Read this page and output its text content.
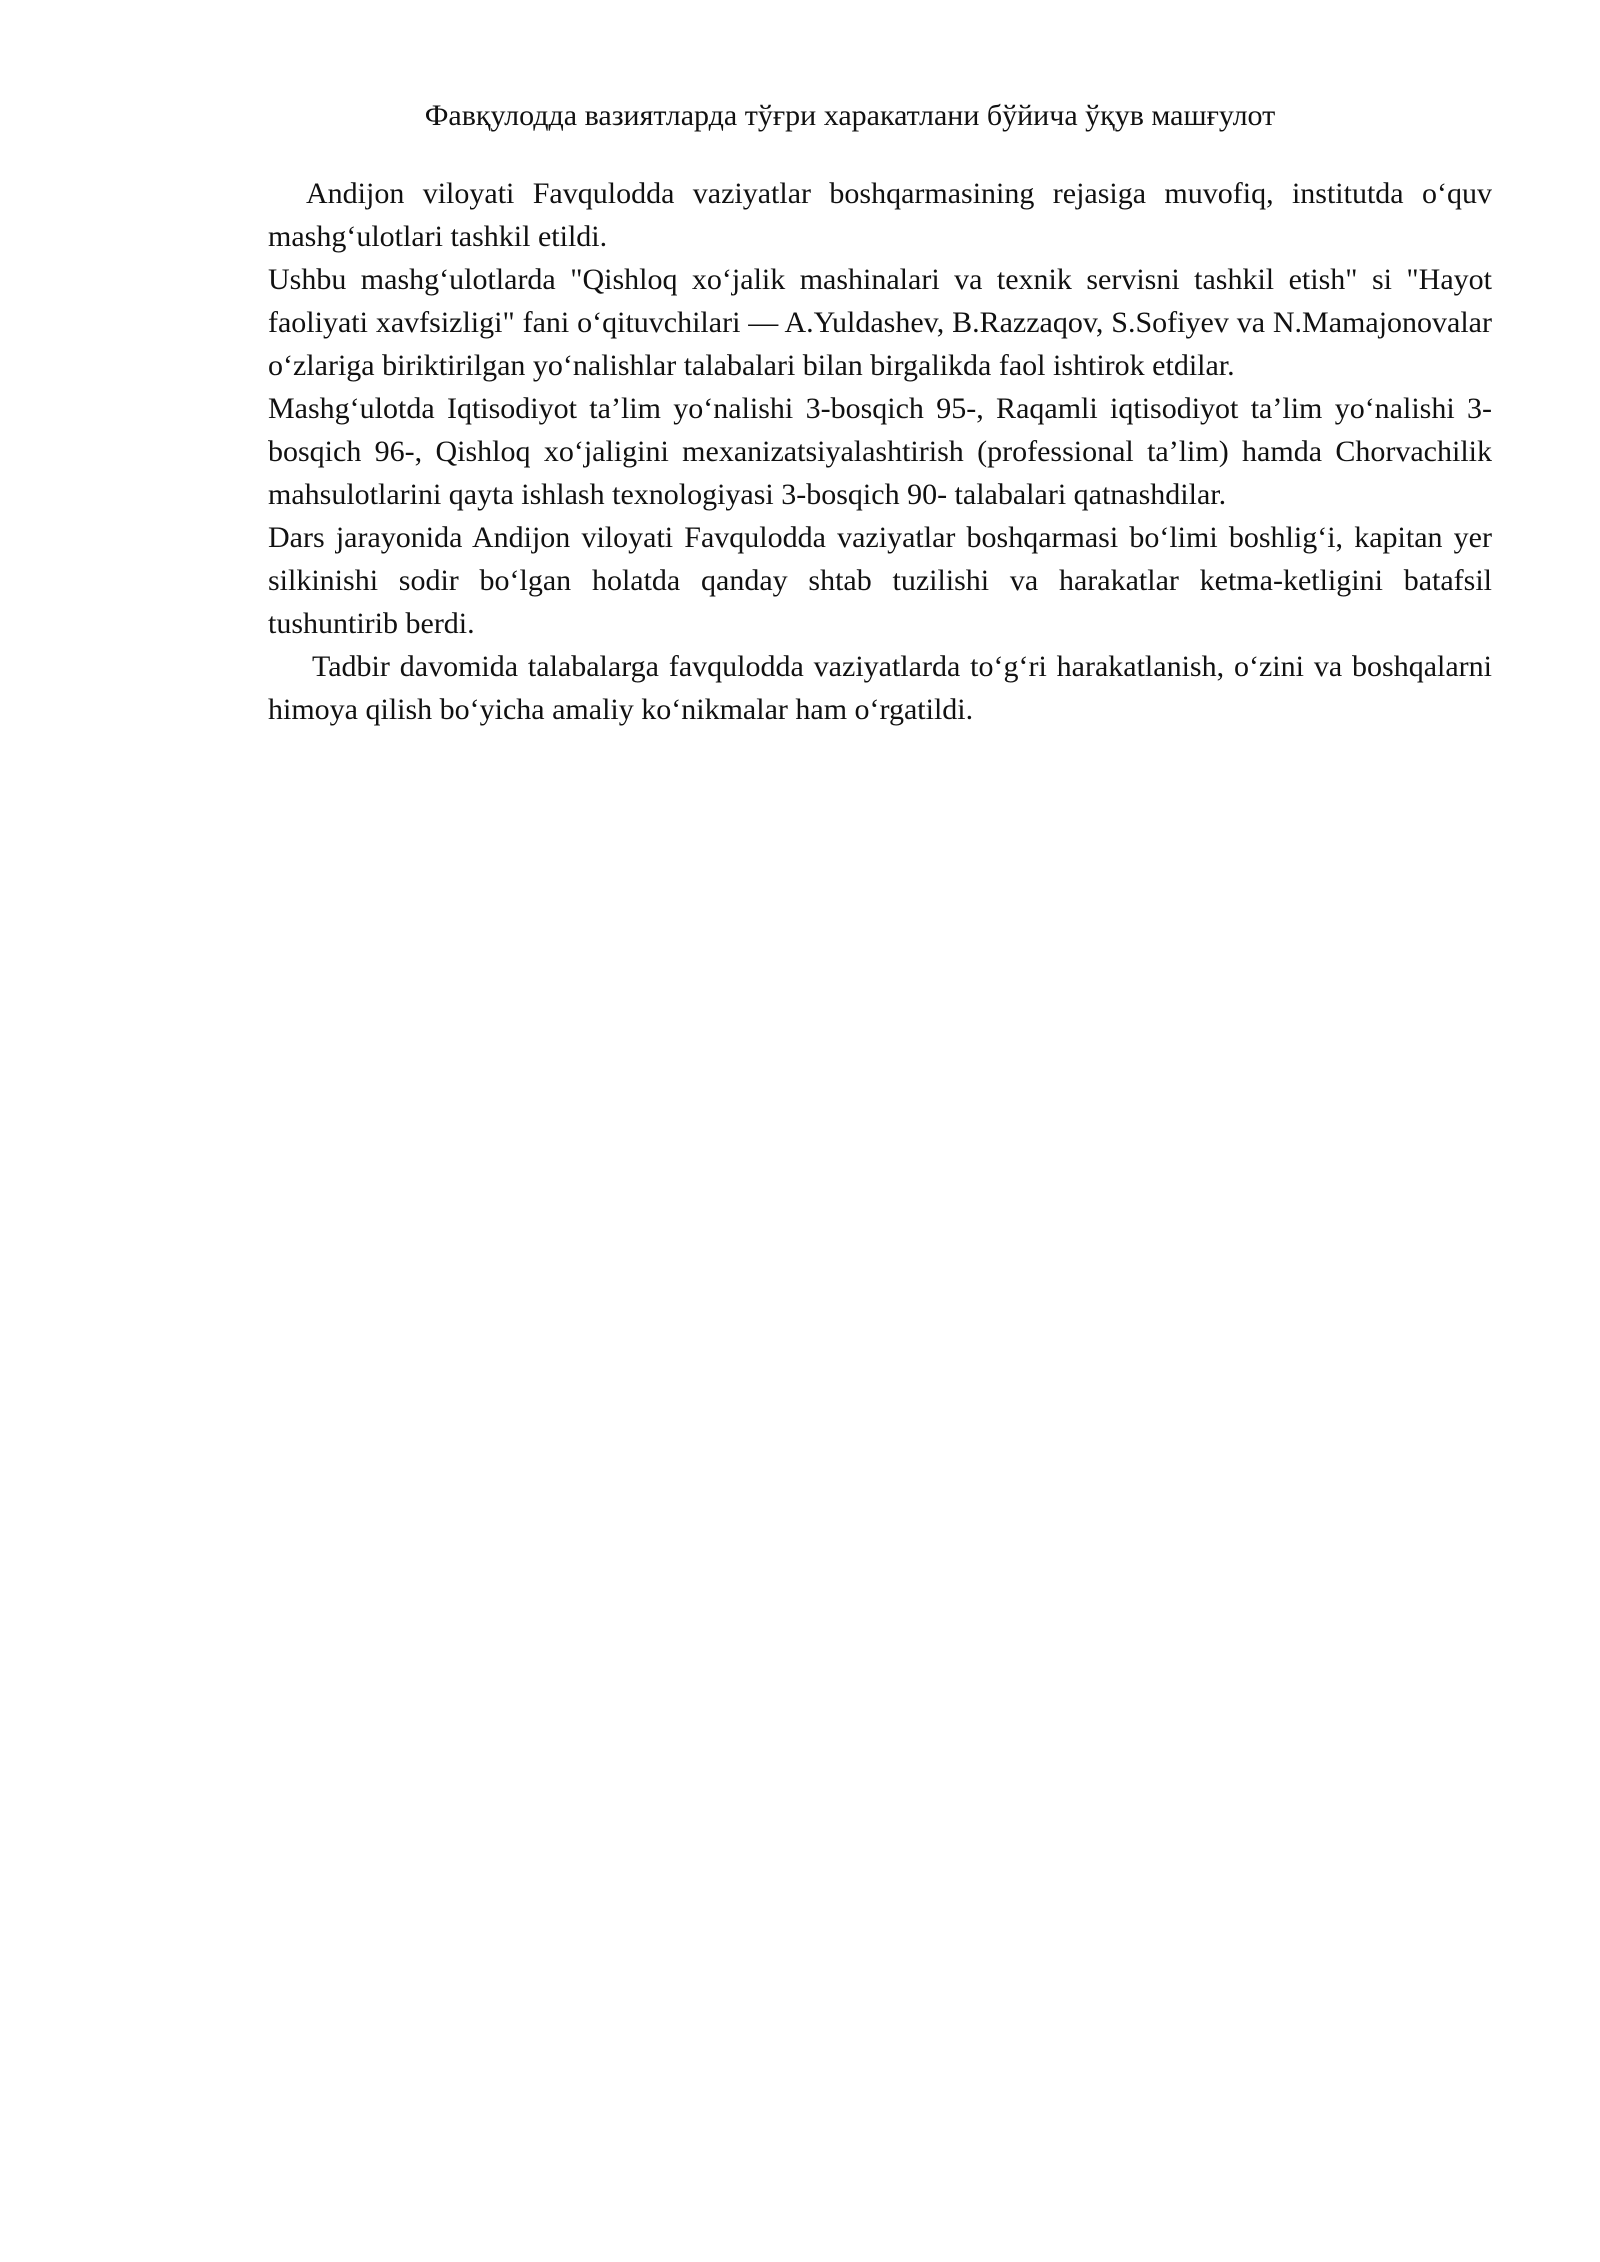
Фавқулодда вазиятларда тўғри харакатлани бўйича ўқув машғулот

Andijon viloyati Favqulodda vaziyatlar boshqarmasining rejasiga muvofiq, institutda o‘quv mashg‘ulotlari tashkil etildi.

Ushbu mashg‘ulotlarda "Qishloq xo‘jalik mashinalari va texnik servisni tashkil etish" si "Hayot faoliyati xavfsizligi" fani o‘qituvchilari — A.Yuldashev, B.Razzaqov, S.Sofiyev va N.Mamajonovalar o‘zlariga biriktirilgan yo‘nalishlar talabalari bilan birgalikda faol ishtirok etdilar.

Mashg‘ulotda Iqtisodiyot ta’lim yo‘nalishi 3-bosqich 95-, Raqamli iqtisodiyot ta’lim yo‘nalishi 3-bosqich 96-, Qishloq xo‘jaligini mexanizatsiyalashtirish (professional ta’lim) hamda Chorvachilik mahsulotlarini qayta ishlash texnologiyasi 3-bosqich 90- talabalari qatnashdilar.

Dars jarayonida Andijon viloyati Favqulodda vaziyatlar boshqarmasi bo‘limi boshlig‘i, kapitan yer silkinishi sodir bo‘lgan holatda qanday shtab tuzilishi va harakatlar ketma-ketligini batafsil tushuntirib berdi.

Tadbir davomida talabalarga favqulodda vaziyatlarda to‘g‘ri harakatlanish, o‘zini va boshqalarni himoya qilish bo‘yicha amaliy ko‘nikmalar ham o‘rgatildi.
